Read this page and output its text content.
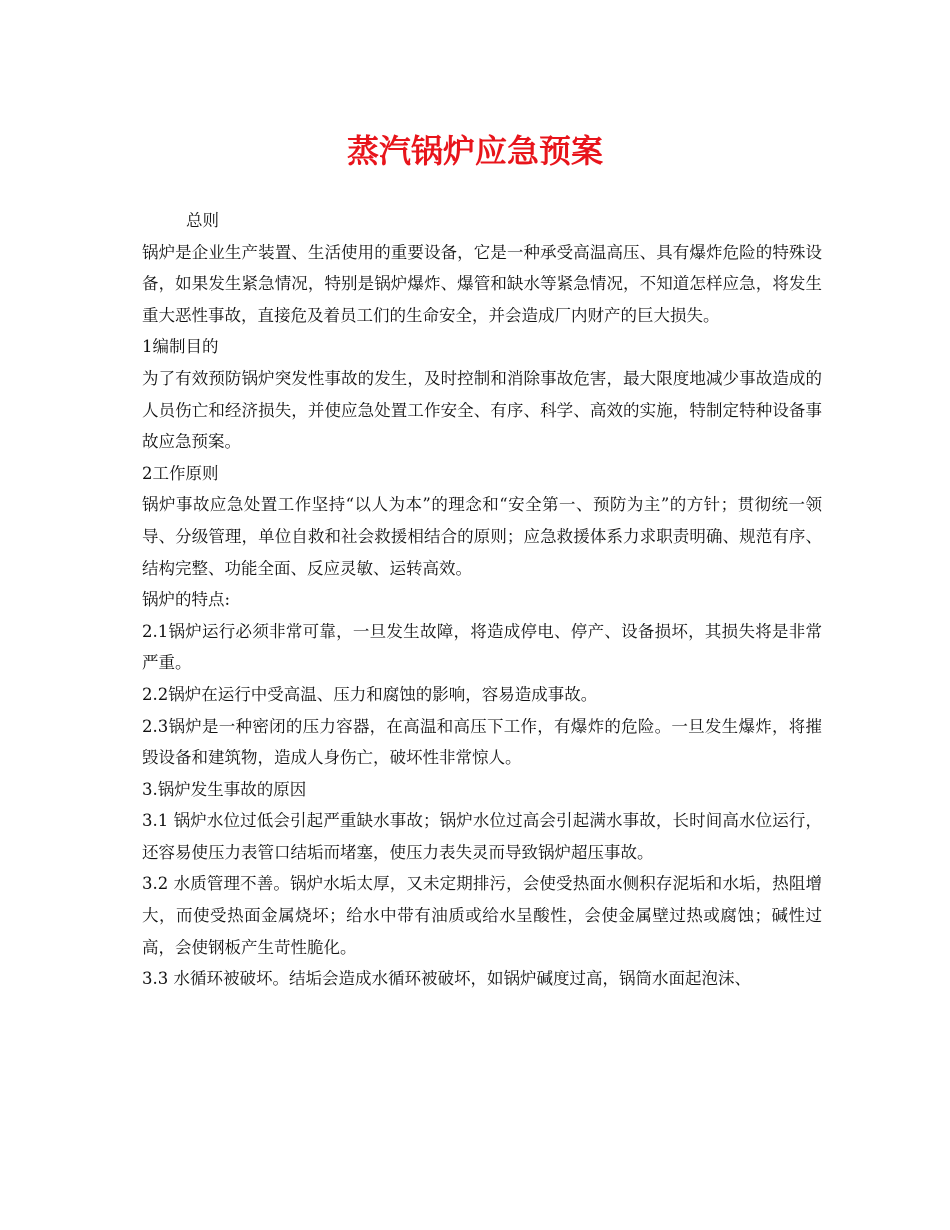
蒸汽锅炉应急预案

总则

锅炉是企业生产装置、生活使用的重要设备，它是一种承受高温高压、具有爆炸危险的特殊设备，如果发生紧急情况，特别是锅炉爆炸、爆管和缺水等紧急情况，不知道怎样应急，将发生重大恶性事故，直接危及着员工们的生命安全，并会造成厂内财产的巨大损失。

1编制目的

为了有效预防锅炉突发性事故的发生，及时控制和消除事故危害，最大限度地减少事故造成的人员伤亡和经济损失，并使应急处置工作安全、有序、科学、高效的实施，特制定特种设备事故应急预案。

2工作原则

锅炉事故应急处置工作坚持“以人为本”的理念和“安全第一、预防为主”的方针；贯彻统一领导、分级管理，单位自救和社会救援相结合的原则；应急救援体系力求职责明确、规范有序、结构完整、功能全面、反应灵敏、运转高效。

锅炉的特点:

2.1锅炉运行必须非常可靠，一旦发生故障，将造成停电、停产、设备损坏，其损失将是非常严重。

2.2锅炉在运行中受高温、压力和腐蚀的影响，容易造成事故。

2.3锅炉是一种密闭的压力容器，在高温和高压下工作，有爆炸的危险。一旦发生爆炸，将摧毁设备和建筑物，造成人身伤亡，破坏性非常惊人。

3.锅炉发生事故的原因

3.1 锅炉水位过低会引起严重缺水事故；锅炉水位过高会引起满水事故，长时间高水位运行，还容易使压力表管口结垢而堵塞，使压力表失灵而导致锅炉超压事故。

3.2 水质管理不善。锅炉水垢太厚，又未定期排污，会使受热面水侧积存泥垢和水垢，热阻增大，而使受热面金属烧坏；给水中带有油质或给水呈酸性，会使金属壁过热或腐蚀；碱性过高，会使钢板产生苛性脆化。

3.3 水循环被破坏。结垢会造成水循环被破坏，如锅炉碱度过高，锅筒水面起泡沫、
